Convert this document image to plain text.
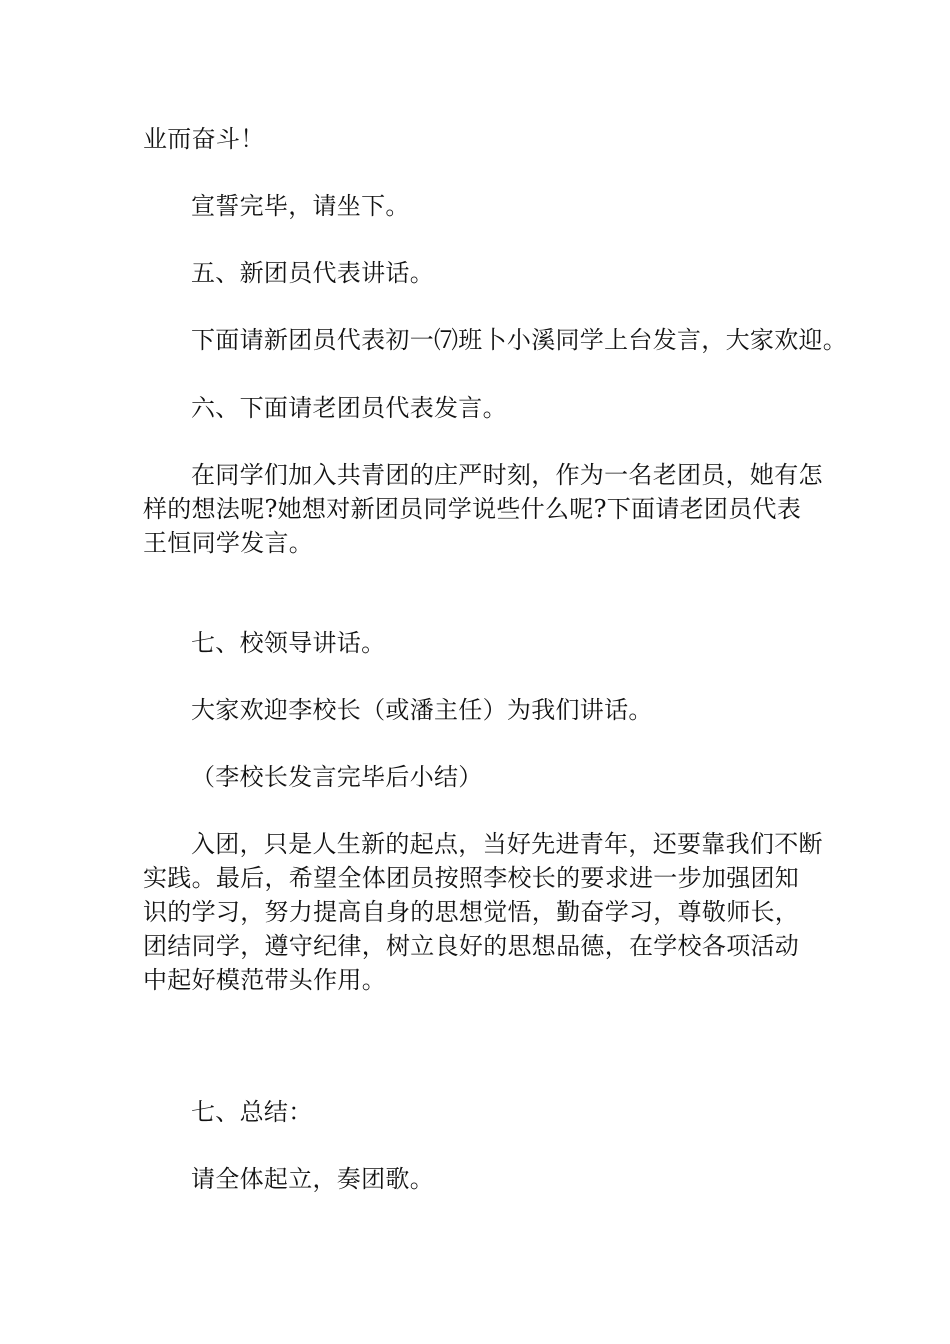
业而奋斗！

宣誓完毕，请坐下。

五、新团员代表讲话。

下面请新团员代表初一⑺班卜小溪同学上台发言，大家欢迎。

六、下面请老团员代表发言。

在同学们加入共青团的庄严时刻，作为一名老团员，她有怎样的想法呢?她想对新团员同学说些什么呢?下面请老团员代表王恒同学发言。

七、校领导讲话。

大家欢迎李校长（或潘主任）为我们讲话。

（李校长发言完毕后小结）

入团，只是人生新的起点，当好先进青年，还要靠我们不断实践。最后，希望全体团员按照李校长的要求进一步加强团知识的学习，努力提高自身的思想觉悟，勤奋学习，尊敬师长，团结同学，遵守纪律，树立良好的思想品德，在学校各项活动中起好模范带头作用。

七、总结：

请全体起立，奏团歌。
